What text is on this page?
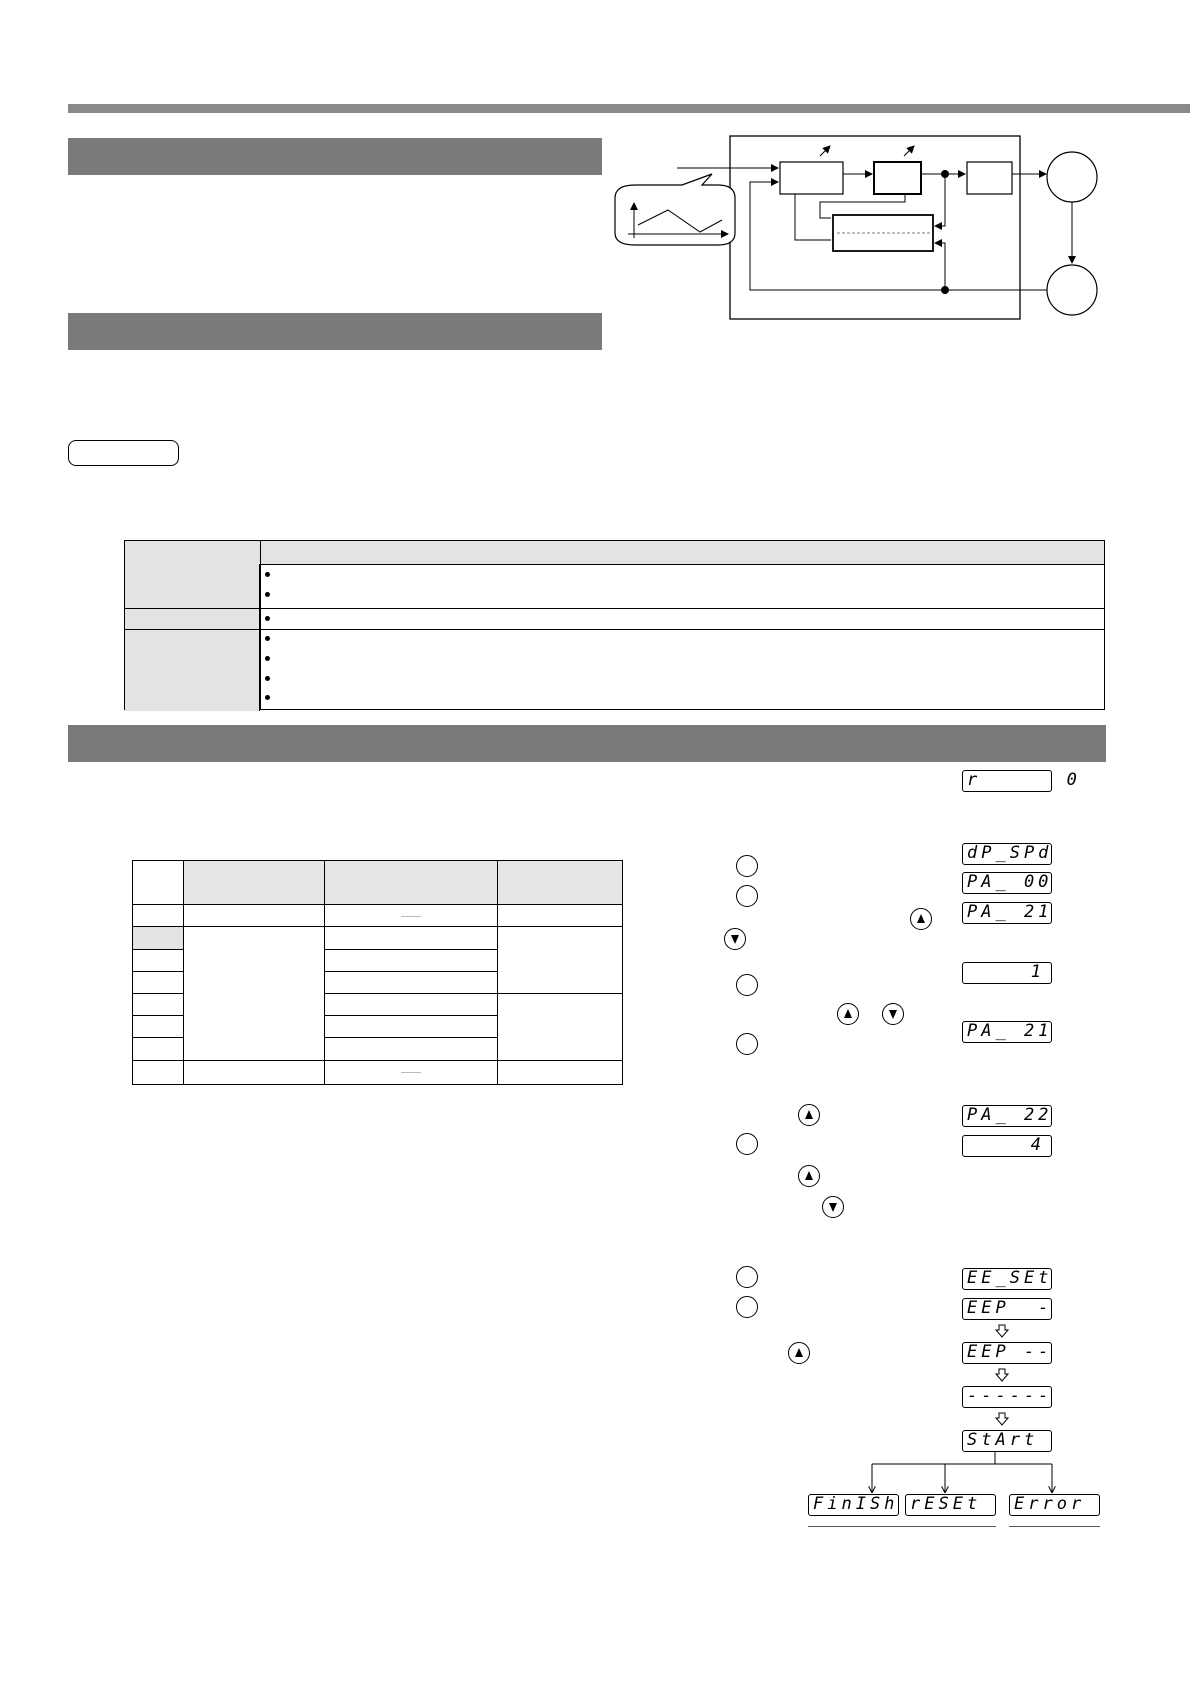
r      0
dP_SPd
PA_ 00
PA_ 21
1
PA_ 21
PA_ 22
4
EE_SEt
EEP  -
EEP --
------
StArt
FinISh rESEt	Error
